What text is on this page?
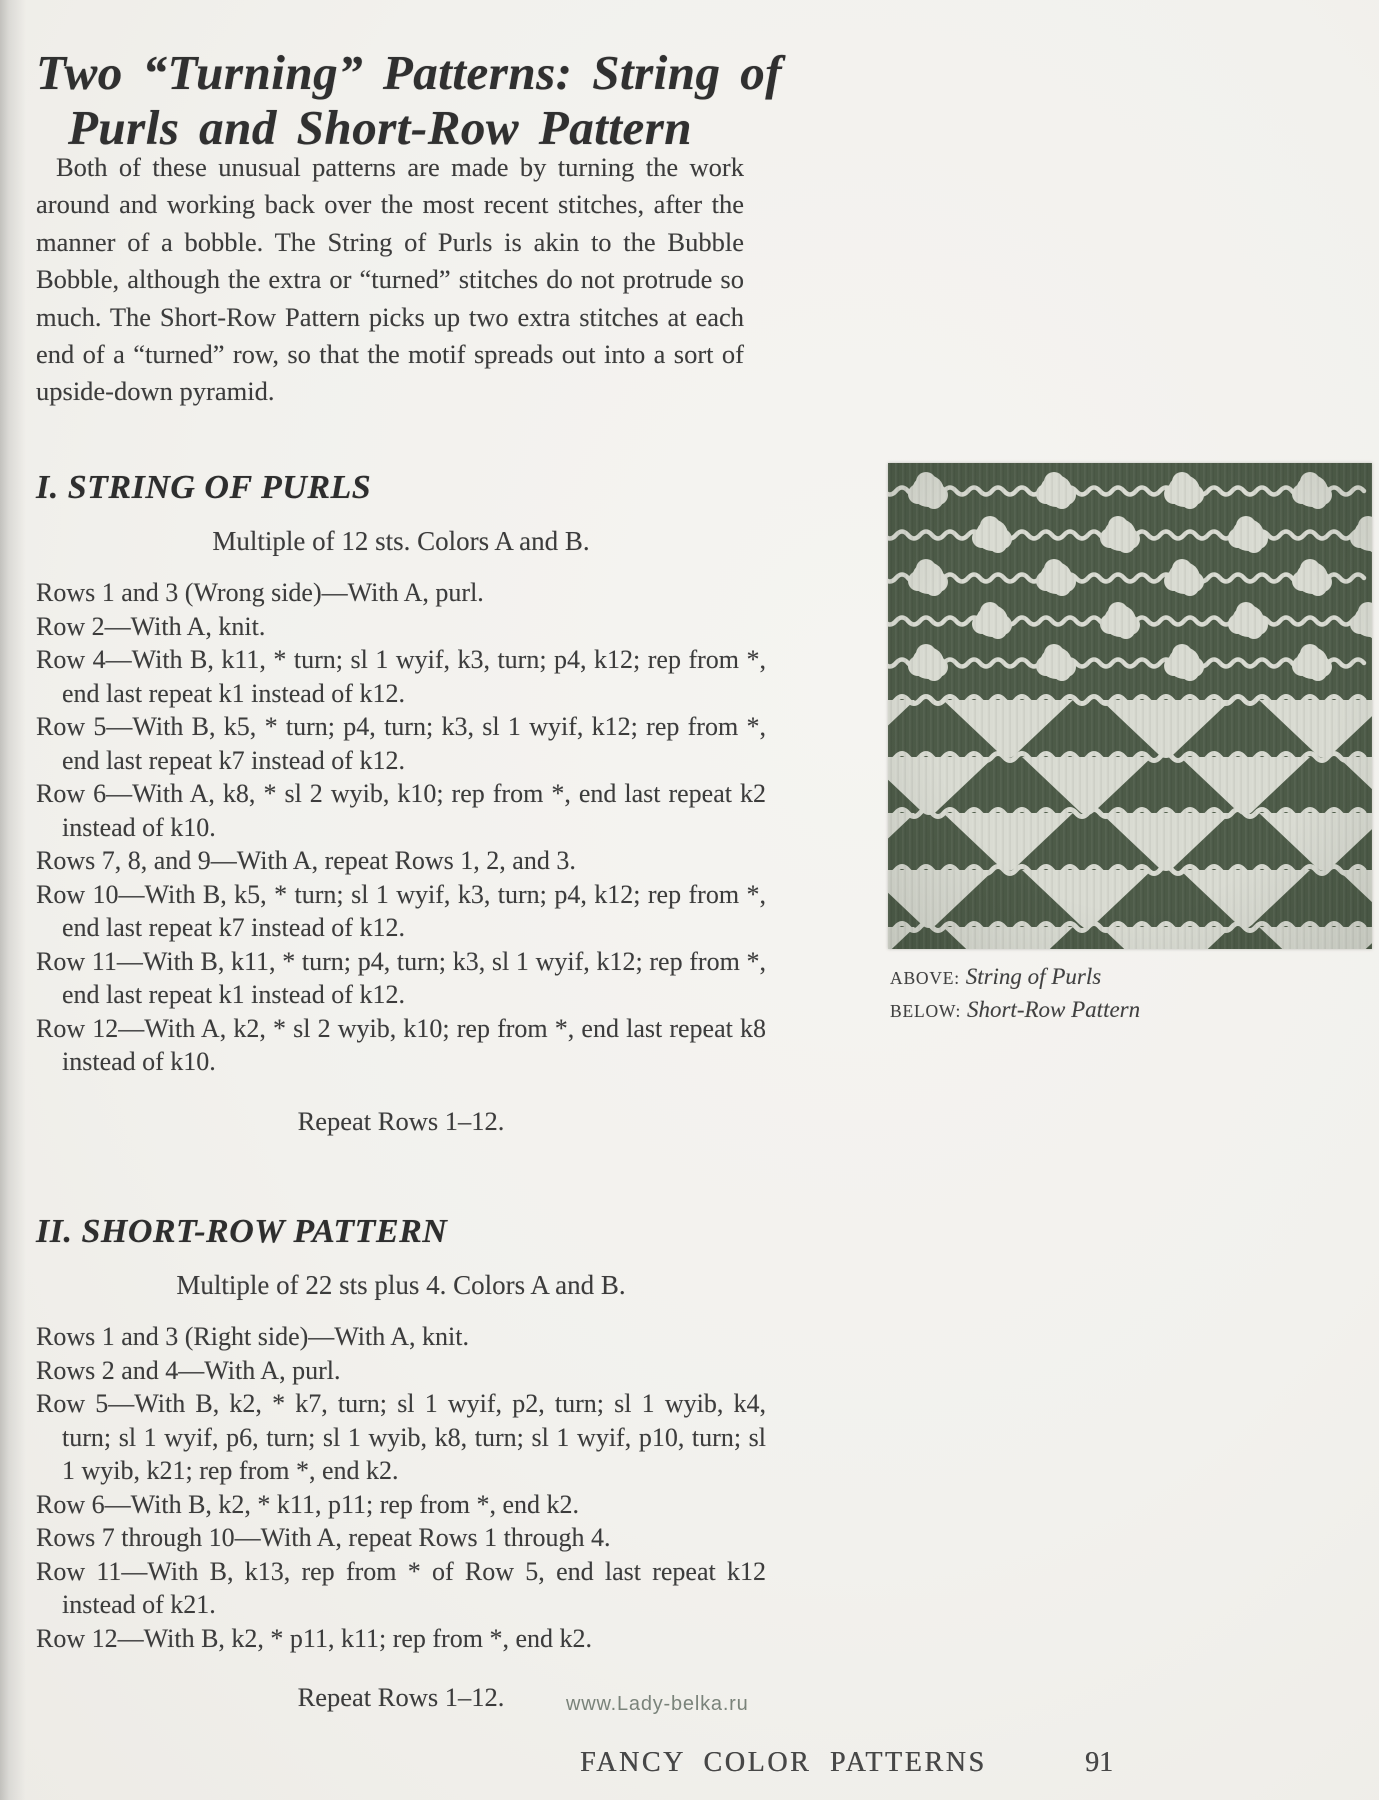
Two “Turning” Patterns: String of
Purls and Short-Row Pattern

Both of these unusual patterns are made by turning the work around and working back over the most recent stitches, after the manner of a bobble. The String of Purls is akin to the Bubble Bobble, although the extra or “turned” stitches do not protrude so much. The Short-Row Pattern picks up two extra stitches at each end of a “turned” row, so that the motif spreads out into a sort of upside-down pyramid.

I. STRING OF PURLS
Multiple of 12 sts. Colors A and B.
Rows 1 and 3 (Wrong side)—With A, purl.
Row 2—With A, knit.
Row 4—With B, k11, * turn; sl 1 wyif, k3, turn; p4, k12; rep from *, end last repeat k1 instead of k12.
Row 5—With B, k5, * turn; p4, turn; k3, sl 1 wyif, k12; rep from *, end last repeat k7 instead of k12.
Row 6—With A, k8, * sl 2 wyib, k10; rep from *, end last repeat k2 instead of k10.
Rows 7, 8, and 9—With A, repeat Rows 1, 2, and 3.
Row 10—With B, k5, * turn; sl 1 wyif, k3, turn; p4, k12; rep from *, end last repeat k7 instead of k12.
Row 11—With B, k11, * turn; p4, turn; k3, sl 1 wyif, k12; rep from *, end last repeat k1 instead of k12.
Row 12—With A, k2, * sl 2 wyib, k10; rep from *, end last repeat k8 instead of k10.
Repeat Rows 1–12.
II. SHORT-ROW PATTERN
Multiple of 22 sts plus 4. Colors A and B.
Rows 1 and 3 (Right side)—With A, knit.
Rows 2 and 4—With A, purl.
Row 5—With B, k2, * k7, turn; sl 1 wyif, p2, turn; sl 1 wyib, k4, turn; sl 1 wyif, p6, turn; sl 1 wyib, k8, turn; sl 1 wyif, p10, turn; sl 1 wyib, k21; rep from *, end k2.
Row 6—With B, k2, * k11, p11; rep from *, end k2.
Rows 7 through 10—With A, repeat Rows 1 through 4.
Row 11—With B, k13, rep from * of Row 5, end last repeat k12 instead of k21.
Row 12—With B, k2, * p11, k11; rep from *, end k2.
Repeat Rows 1–12.
ABOVE: String of Purls
BELOW: Short-Row Pattern
www.Lady-belka.ru
FANCY COLOR PATTERNS	91
